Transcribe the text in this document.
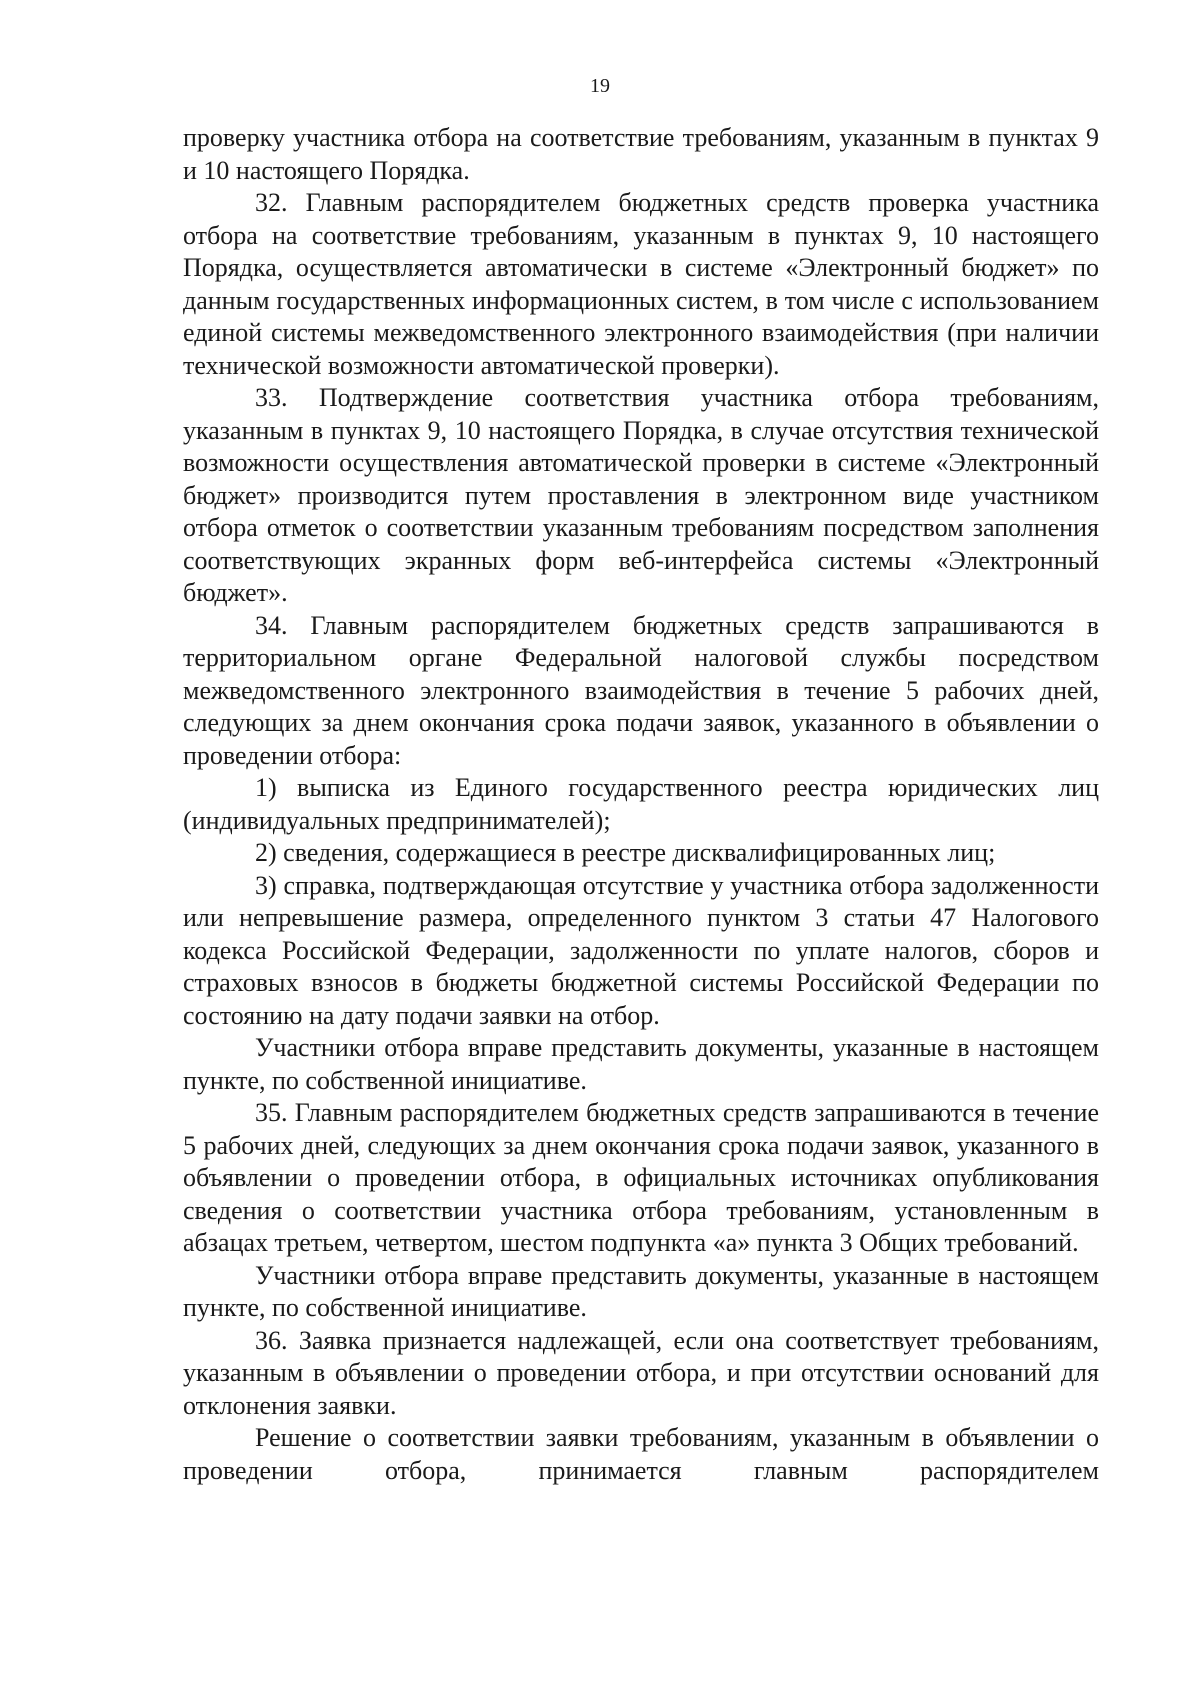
19

проверку участника отбора на соответствие требованиям, указанным в пунктах 9 и 10 настоящего Порядка.

32. Главным распорядителем бюджетных средств проверка участника отбора на соответствие требованиям, указанным в пунктах 9, 10 настоящего Порядка, осуществляется автоматически в системе «Электронный бюджет» по данным государственных информационных систем, в том числе с использованием единой системы межведомственного электронного взаимодействия (при наличии технической возможности автоматической проверки).

33. Подтверждение соответствия участника отбора требованиям, указанным в пунктах 9, 10 настоящего Порядка, в случае отсутствия технической возможности осуществления автоматической проверки в системе «Электронный бюджет» производится путем проставления в электронном виде участником отбора отметок о соответствии указанным требованиям посредством заполнения соответствующих экранных форм веб-интерфейса системы «Электронный бюджет».

34. Главным распорядителем бюджетных средств запрашиваются в территориальном органе Федеральной налоговой службы посредством межведомственного электронного взаимодействия в течение 5 рабочих дней, следующих за днем окончания срока подачи заявок, указанного в объявлении о проведении отбора:

1) выписка из Единого государственного реестра юридических лиц (индивидуальных предпринимателей);

2) сведения, содержащиеся в реестре дисквалифицированных лиц;

3) справка, подтверждающая отсутствие у участника отбора задолженности или непревышение размера, определенного пунктом 3 статьи 47 Налогового кодекса Российской Федерации, задолженности по уплате налогов, сборов и страховых взносов в бюджеты бюджетной системы Российской Федерации по состоянию на дату подачи заявки на отбор.

Участники отбора вправе представить документы, указанные в настоящем пункте, по собственной инициативе.

35. Главным распорядителем бюджетных средств запрашиваются в течение 5 рабочих дней, следующих за днем окончания срока подачи заявок, указанного в объявлении о проведении отбора, в официальных источниках опубликования сведения о соответствии участника отбора требованиям, установленным в абзацах третьем, четвертом, шестом подпункта «а» пункта 3 Общих требований.

Участники отбора вправе представить документы, указанные в настоящем пункте, по собственной инициативе.

36. Заявка признается надлежащей, если она соответствует требованиям, указанным в объявлении о проведении отбора, и при отсутствии оснований для отклонения заявки.

Решение о соответствии заявки требованиям, указанным в объявлении о проведении отбора, принимается главным распорядителем
